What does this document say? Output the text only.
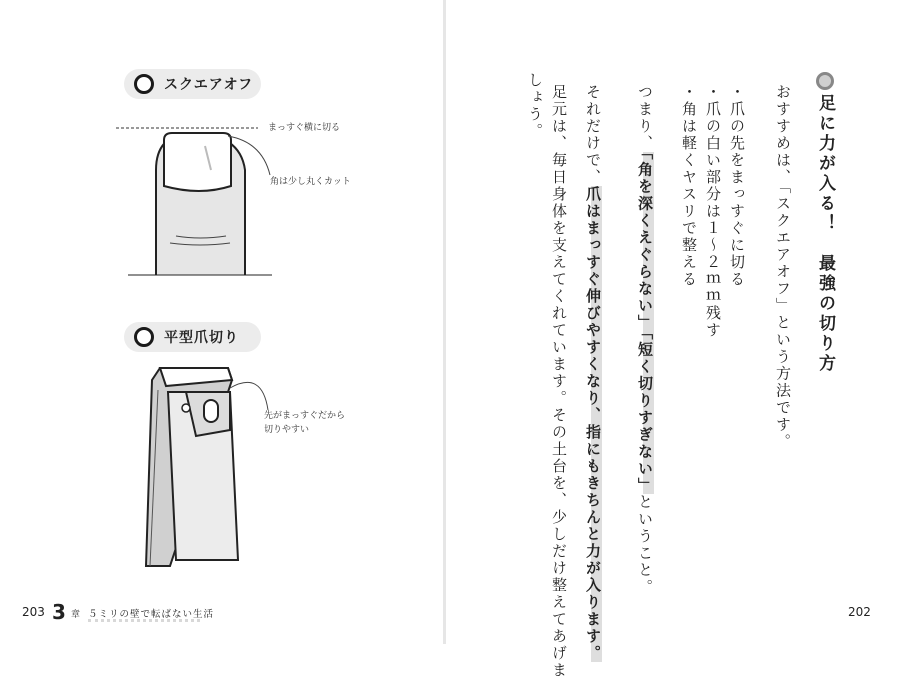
スクエアオフ
まっすぐ横に切る
角は少し丸くカット
平型爪切り
先がまっすぐだから
切りやすい
203 3 章 ５ミリの壁で転ばない生活
足に力が入る！　最強の切り方
おすすめは、「スクエアオフ」という方法です。
・爪の先をまっすぐに切る
・爪の白い部分は１～２ｍｍ残す
・角は軽くヤスリで整える
つまり、「角を深くえぐらない」「短く切りすぎない」ということ。
それだけで、爪はまっすぐ伸びやすくなり、指にもきちんと力が入ります。
足元は、毎日身体を支えてくれています。その土台を、少しだけ整えてあげま
しょう。
202
